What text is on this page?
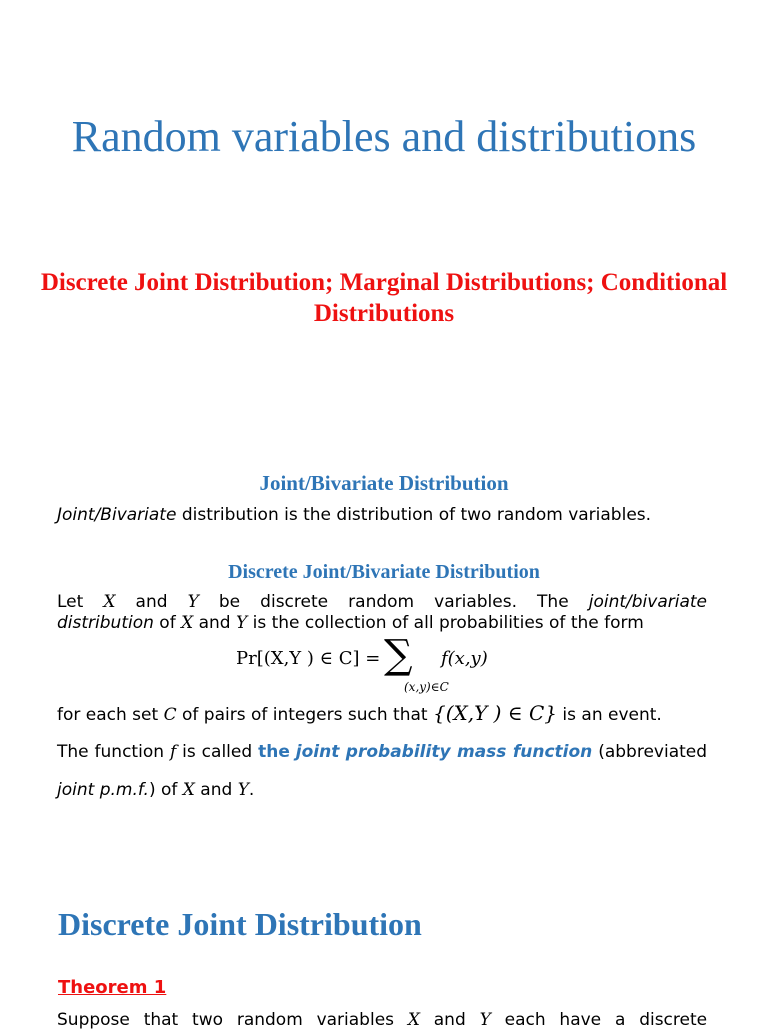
Random variables and distributions
Discrete Joint Distribution; Marginal Distributions; Conditional Distributions
Joint/Bivariate Distribution

Joint/Bivariate distribution is the distribution of two random variables.

Discrete Joint/Bivariate Distribution

Let X and Y be discrete random variables. The joint/bivariate

distribution of X and Y is the collection of all probabilities of the form

Pr[(X,Y ) ∈ C] = ∑
(x,y)∈C
f(x,y)

for each set C of pairs of integers such that {(X,Y ) ∈ C} is an event.

The function f is called the joint probability mass function (abbreviated

joint p.m.f.) of X and Y.

Discrete Joint Distribution

Theorem 1

Suppose that two random variables X and Y each have a discrete
